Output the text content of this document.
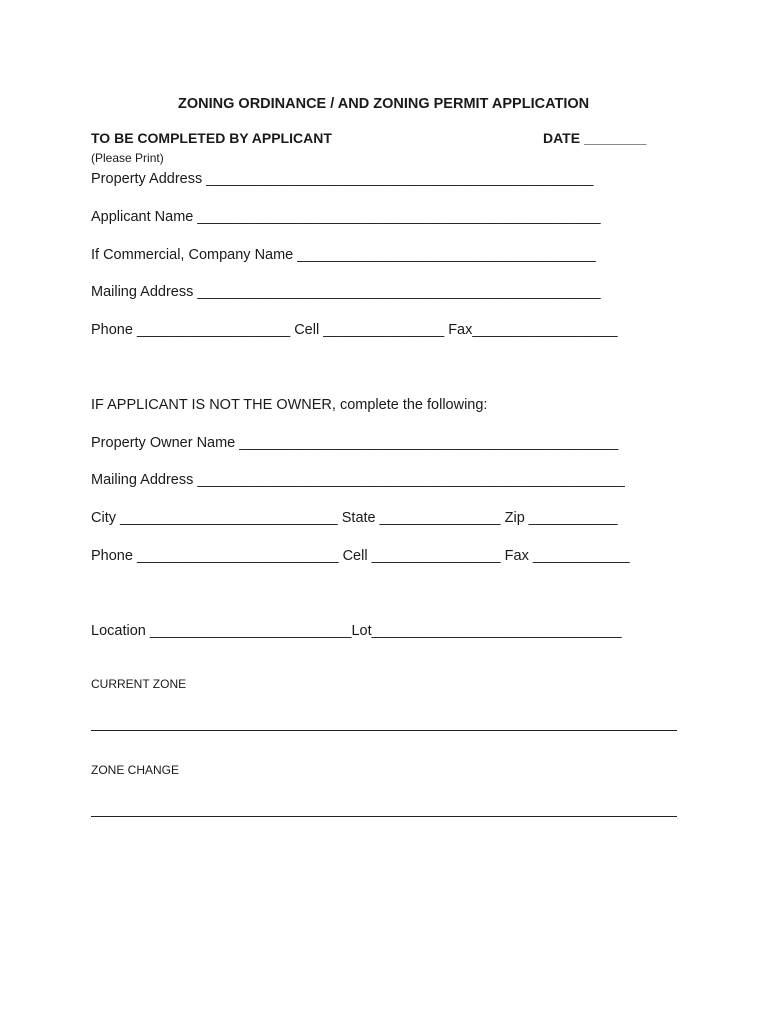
ZONING ORDINANCE / AND ZONING PERMIT APPLICATION
TO BE COMPLETED BY APPLICANT	DATE ________
(Please Print)
Property Address ________________________________________________
Applicant Name __________________________________________________
If Commercial, Company Name _____________________________________
Mailing Address __________________________________________________
Phone ___________________ Cell _______________ Fax__________________
IF APPLICANT IS NOT THE OWNER, complete the following:
Property Owner Name _______________________________________________
Mailing Address _____________________________________________________
City ___________________________ State _______________ Zip ___________
Phone _________________________ Cell ________________ Fax ____________
Location _________________________Lot_______________________________
CURRENT ZONE
ZONE CHANGE
